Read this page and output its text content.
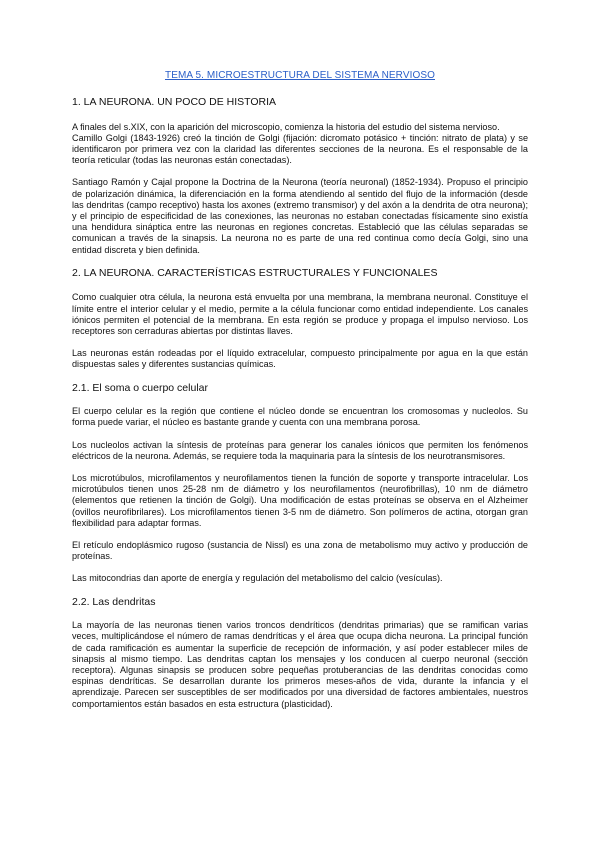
TEMA 5. MICROESTRUCTURA DEL SISTEMA NERVIOSO
1. LA NEURONA. UN POCO DE HISTORIA

A finales del s.XIX, con la aparición del microscopio, comienza la historia del estudio del sistema nervioso.

Camillo Golgi (1843-1926) creó la tinción de Golgi (fijación: dicromato potásico + tinción: nitrato de plata) y se identificaron por primera vez con la claridad las diferentes secciones de la neurona. Es el responsable de la teoría reticular (todas las neuronas están conectadas).

Santiago Ramón y Cajal propone la Doctrina de la Neurona (teoría neuronal) (1852-1934). Propuso el principio de polarización dinámica, la diferenciación en la forma atendiendo al sentido del flujo de la información (desde las dendritas (campo receptivo) hasta los axones (extremo transmisor) y del axón a la dendrita de otra neurona); y el principio de especificidad de las conexiones, las neuronas no estaban conectadas físicamente sino existía una hendidura sináptica entre las neuronas en regiones concretas. Estableció que las células separadas se comunican a través de la sinapsis. La neurona no es parte de una red continua como decía Golgi, sino una entidad discreta y bien definida.

2. LA NEURONA. CARACTERÍSTICAS ESTRUCTURALES Y FUNCIONALES

Como cualquier otra célula, la neurona está envuelta por una membrana, la membrana neuronal. Constituye el límite entre el interior celular y el medio, permite a la célula funcionar como entidad independiente. Los canales iónicos permiten el potencial de la membrana. En esta región se produce y propaga el impulso nervioso. Los receptores son cerraduras abiertas por distintas llaves.

Las neuronas están rodeadas por el líquido extracelular, compuesto principalmente por agua en la que están dispuestas sales y diferentes sustancias químicas.

2.1. El soma o cuerpo celular

El cuerpo celular es la región que contiene el núcleo donde se encuentran los cromosomas y nucleolos. Su forma puede variar, el núcleo es bastante grande y cuenta con una membrana porosa.

Los nucleolos activan la síntesis de proteínas para generar los canales iónicos que permiten los fenómenos eléctricos de la neurona. Además, se requiere toda la maquinaria para la síntesis de los neurotransmisores.

Los microtúbulos, microfilamentos y neurofilamentos tienen la función de soporte y transporte intracelular. Los microtúbulos tienen unos 25-28 nm de diámetro y los neurofilamentos (neurofibrillas), 10 nm de diámetro (elementos que retienen la tinción de Golgi). Una modificación de estas proteínas se observa en el Alzheimer (ovillos neurofibrilares). Los microfilamentos tienen 3-5 nm de diámetro. Son polímeros de actina, otorgan gran flexibilidad para adaptar formas.

El retículo endoplásmico rugoso (sustancia de Nissl) es una zona de metabolismo muy activo y producción de proteínas.

Las mitocondrias dan aporte de energía y regulación del metabolismo del calcio (vesículas).

2.2. Las dendritas

La mayoría de las neuronas tienen varios troncos dendríticos (dendritas primarias) que se ramifican varias veces, multiplicándose el número de ramas dendríticas y el área que ocupa dicha neurona. La principal función de cada ramificación es aumentar la superficie de recepción de información, y así poder establecer miles de sinapsis al mismo tiempo. Las dendritas captan los mensajes y los conducen al cuerpo neuronal (sección receptora). Algunas sinapsis se producen sobre pequeñas protuberancias de las dendritas conocidas como espinas dendríticas. Se desarrollan durante los primeros meses-años de vida, durante la infancia y el aprendizaje. Parecen ser susceptibles de ser modificados por una diversidad de factores ambientales, nuestros comportamientos están basados en esta estructura (plasticidad).
